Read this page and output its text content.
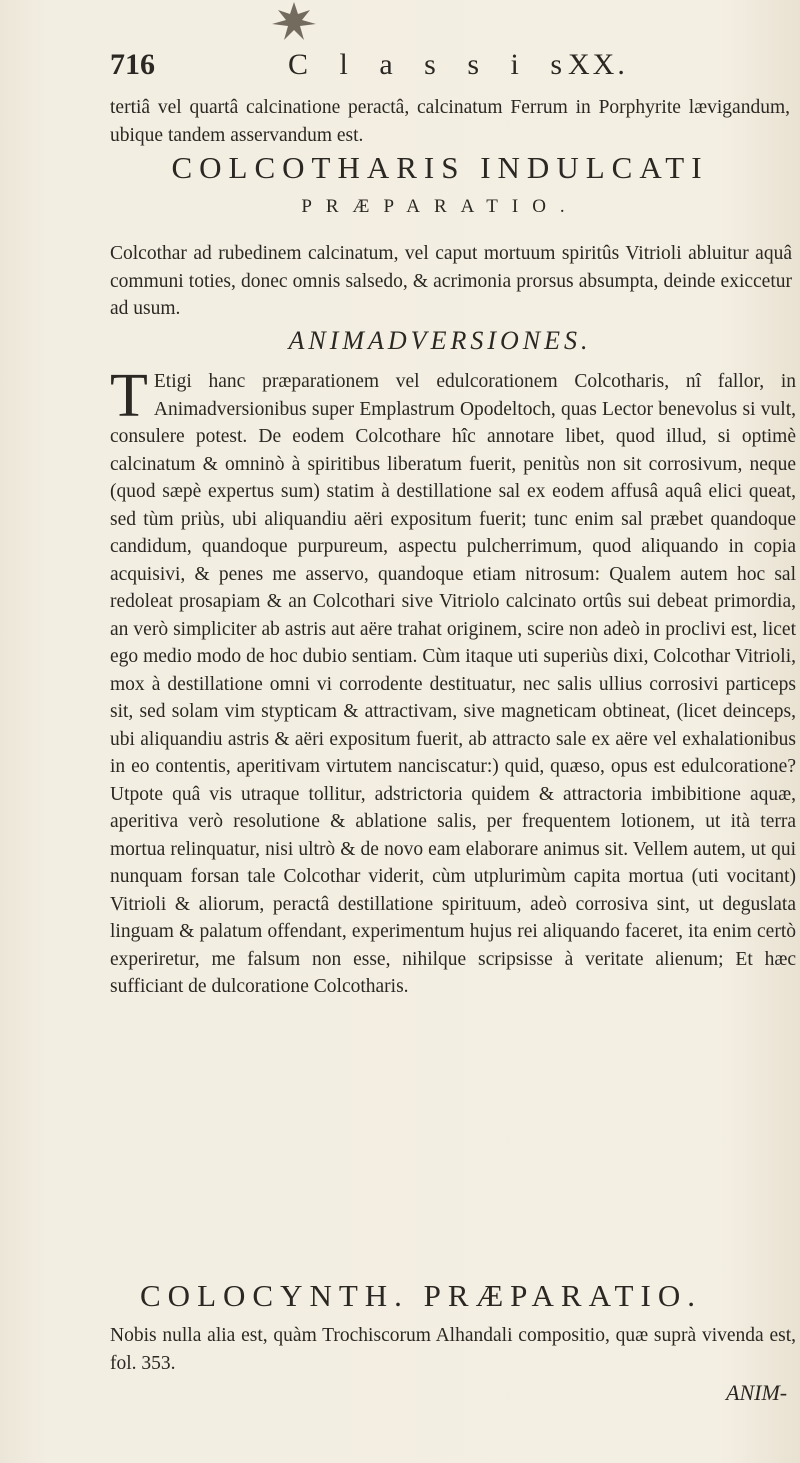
716	C l a s s i s
XX.

tertiâ vel quartâ calcinatione peractâ, calcinatum Ferrum in Porphyrite lævigandum, ubique tandem asservandum est.

COLCOTHARIS INDULCATI
PRÆPARATIO.

Colcothar ad rubedinem calcinatum, vel caput mortuum spiritûs Vitrioli abluitur aquâ communi toties, donec omnis salsedo, & acrimonia prorsus absumpta, deinde exiccetur ad usum.

ANIMADVERSIONES.

T Etigi hanc præparationem vel edulcorationem Colcotharis, nî fallor, in Animadversionibus super Emplastrum Opodeltoch, quas Lector benevolus si vult, consulere potest. De eodem Colcothare hîc annotare libet, quod illud, si optimè calcinatum & omninò à spiritibus liberatum fuerit, penitùs non sit corrosivum, neque (quod sæpè expertus sum) statim à destillatione sal ex eodem affusâ aquâ elici queat, sed tùm priùs, ubi aliquandiu aëri expositum fuerit; tunc enim sal præbet quandoque candidum, quandoque purpureum, aspectu pulcherrimum, quod aliquando in copia acquisivi, & penes me asservo, quandoque etiam nitrosum: Qualem autem hoc sal redoleat prosapiam & an Colcothari sive Vitriolo calcinato ortûs sui debeat primordia, an verò simpliciter ab astris aut aëre trahat originem, scire non adeò in proclivi est, licet ego medio modo de hoc dubio sentiam. Cùm itaque uti superiùs dixi, Colcothar Vitrioli, mox à destillatione omni vi corrodente destituatur, nec salis ullius corrosivi particeps sit, sed solam vim stypticam & attractivam, sive magneticam obtineat, (licet deinceps, ubi aliquandiu astris & aëri expositum fuerit, ab attracto sale ex aëre vel exhalationibus in eo contentis, aperitivam virtutem nanciscatur:) quid, quæso, opus est edulcoratione? Utpote quâ vis utraque tollitur, adstrictoria quidem & attractoria imbibitione aquæ, aperitiva verò resolutione & ablatione salis, per frequentem lotionem, ut ità terra mortua relinquatur, nisi ultrò & de novo eam elaborare animus sit. Vellem autem, ut qui nunquam forsan tale Colcothar viderit, cùm utplurimùm capita mortua (uti vocitant) Vitrioli & aliorum, peractâ destillatione spirituum, adeò corrosiva sint, ut deguslata linguam & palatum offendant, experimentum hujus rei aliquando faceret, ita enim certò experiretur, me falsum non esse, nihilque scripsisse à veritate alienum; Et hæc sufficiant de dulcoratione Colcotharis.

COLOCYNTH. PRÆPARATIO.

Nobis nulla alia est, quàm Trochiscorum Alhandali compositio, quæ suprà vivenda est, fol. 353.

ANIM-
